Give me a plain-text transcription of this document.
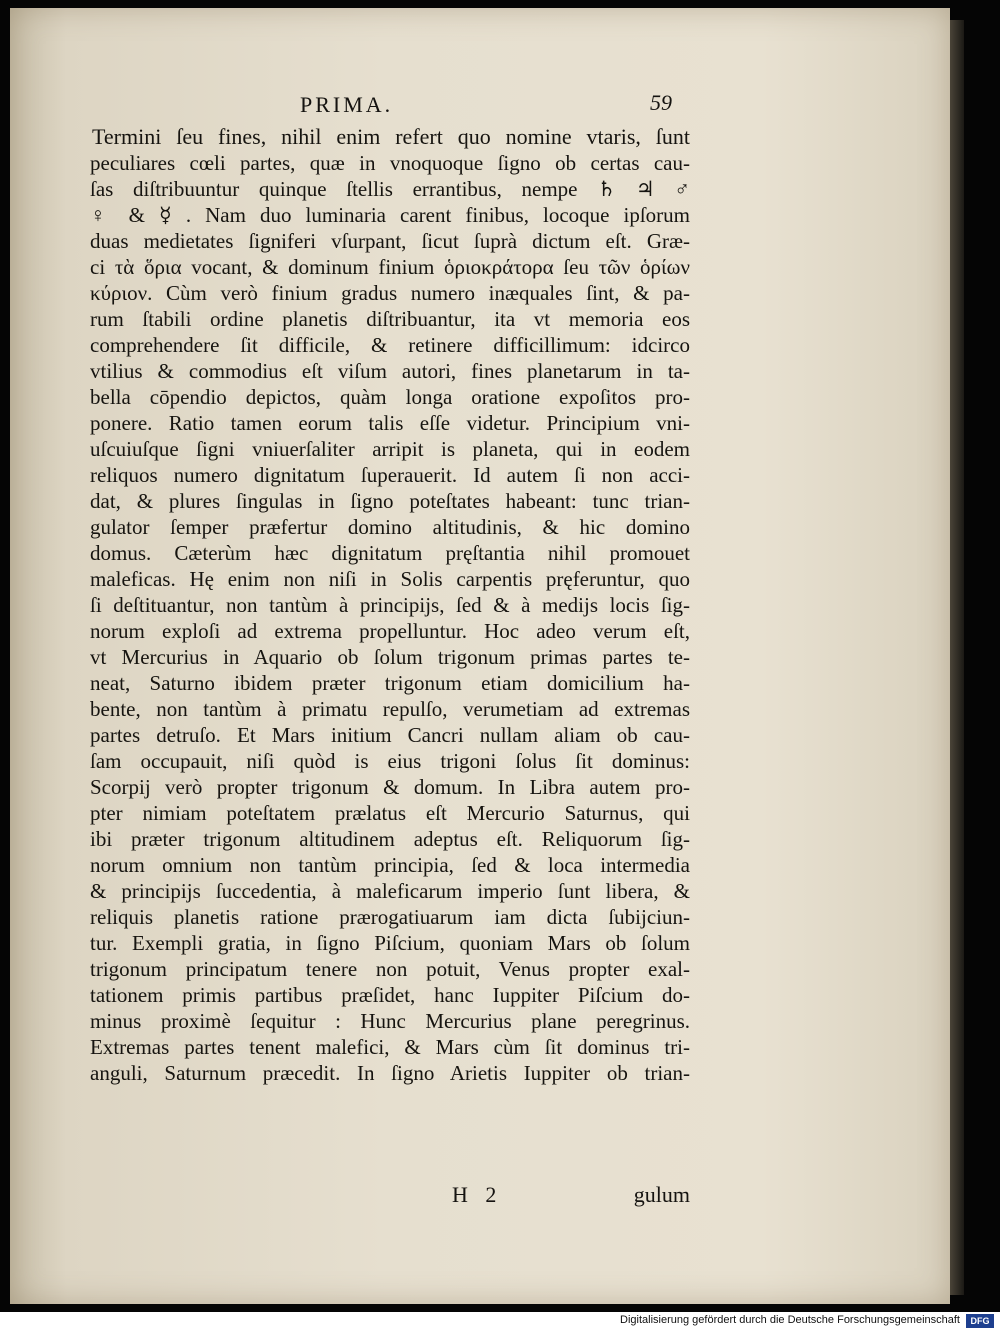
PRIMA.	59
Termini ſeu fines, nihil enim refert quo nomine vtaris, ſunt
peculiares cœli partes, quæ in vnoquoque ſigno ob certas cau-
ſas diſtribuuntur quinque ſtellis errantibus, nempe ♄ ♃ ♂
♀ & ☿ . Nam duo luminaria carent finibus, locoque ipſorum
duas medietates ſigniferi vſurpant, ſicut ſuprà dictum eſt. Græ-
ci τὰ ὅρια vocant, & dominum finium ὁριοκράτορα ſeu τῶν ὁρίων
κύριον. Cùm verò finium gradus numero inæquales ſint, & pa-
rum ſtabili ordine planetis diſtribuantur, ita vt memoria eos
comprehendere ſit difficile, & retinere difficillimum: idcirco
vtilius & commodius eſt viſum autori, fines planetarum in ta-
bella cōpendio depictos, quàm longa oratione expoſitos pro-
ponere. Ratio tamen eorum talis eſſe videtur. Principium vni-
uſcuiuſque ſigni vniuerſaliter arripit is planeta, qui in eodem
reliquos numero dignitatum ſuperauerit. Id autem ſi non acci-
dat, & plures ſingulas in ſigno poteſtates habeant: tunc trian-
gulator ſemper præfertur domino altitudinis, & hic domino
domus. Cæterùm hæc dignitatum pręſtantia nihil promouet
maleficas. Hę enim non niſi in Solis carpentis pręferuntur, quo
ſi deſtituantur, non tantùm à principijs, ſed & à medijs locis ſig-
norum exploſi ad extrema propelluntur. Hoc adeo verum eſt,
vt Mercurius in Aquario ob ſolum trigonum primas partes te-
neat, Saturno ibidem præter trigonum etiam domicilium ha-
bente, non tantùm à primatu repulſo, verumetiam ad extremas
partes detruſo. Et Mars initium Cancri nullam aliam ob cau-
ſam occupauit, niſi quòd is eius trigoni ſolus ſit dominus:
Scorpij verò propter trigonum & domum. In Libra autem pro-
pter nimiam poteſtatem prælatus eſt Mercurio Saturnus, qui
ibi præter trigonum altitudinem adeptus eſt. Reliquorum ſig-
norum omnium non tantùm principia, ſed & loca intermedia
& principijs ſuccedentia, à maleficarum imperio ſunt libera, &
reliquis planetis ratione prærogatiuarum iam dicta ſubijciun-
tur. Exempli gratia, in ſigno Piſcium, quoniam Mars ob ſolum
trigonum principatum tenere non potuit, Venus propter exal-
tationem primis partibus præſidet, hanc Iuppiter Piſcium do-
minus proximè ſequitur : Hunc Mercurius plane peregrinus.
Extremas partes tenent malefici, & Mars cùm ſit dominus tri-
anguli, Saturnum præcedit. In ſigno Arietis Iuppiter ob trian-
H 2	gulum
Digitalisierung gefördert durch die Deutsche Forschungsgemeinschaft	DFG
